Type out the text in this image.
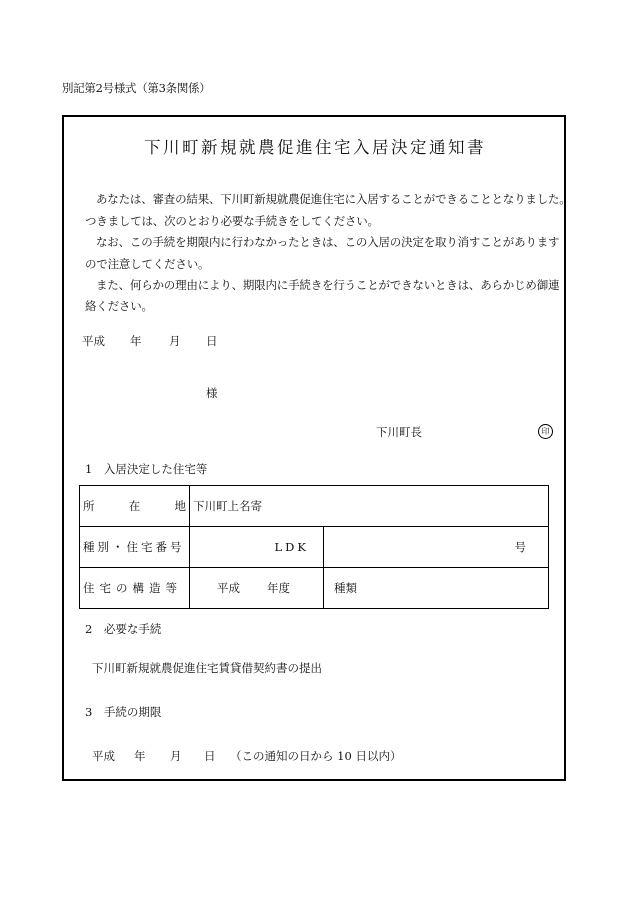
別記第2号様式（第3条関係）
下川町新規就農促進住宅入居決定通知書
あなたは、審査の結果、下川町新規就農促進住宅に入居することができることとなりました。
つきましては、次のとおり必要な手続きをしてください。
なお、この手続を期限内に行わなかったときは、この入居の決定を取り消すことがあります
ので注意してください。
また、何らかの理由により、期限内に手続きを行うことができないときは、あらかじめ御連
絡ください。
平成 年 月 日
様
下川町長	印
1　入居決定した住宅等
所 在 地	下川町上名寄	
種別・住宅番号	LDK	号
住宅の構造等	平成 年度	種類
2　必要な手続
下川町新規就農促進住宅賃貸借契約書の提出
3　手続の期限
平成 年 月 日 （この通知の日から 10 日以内）
